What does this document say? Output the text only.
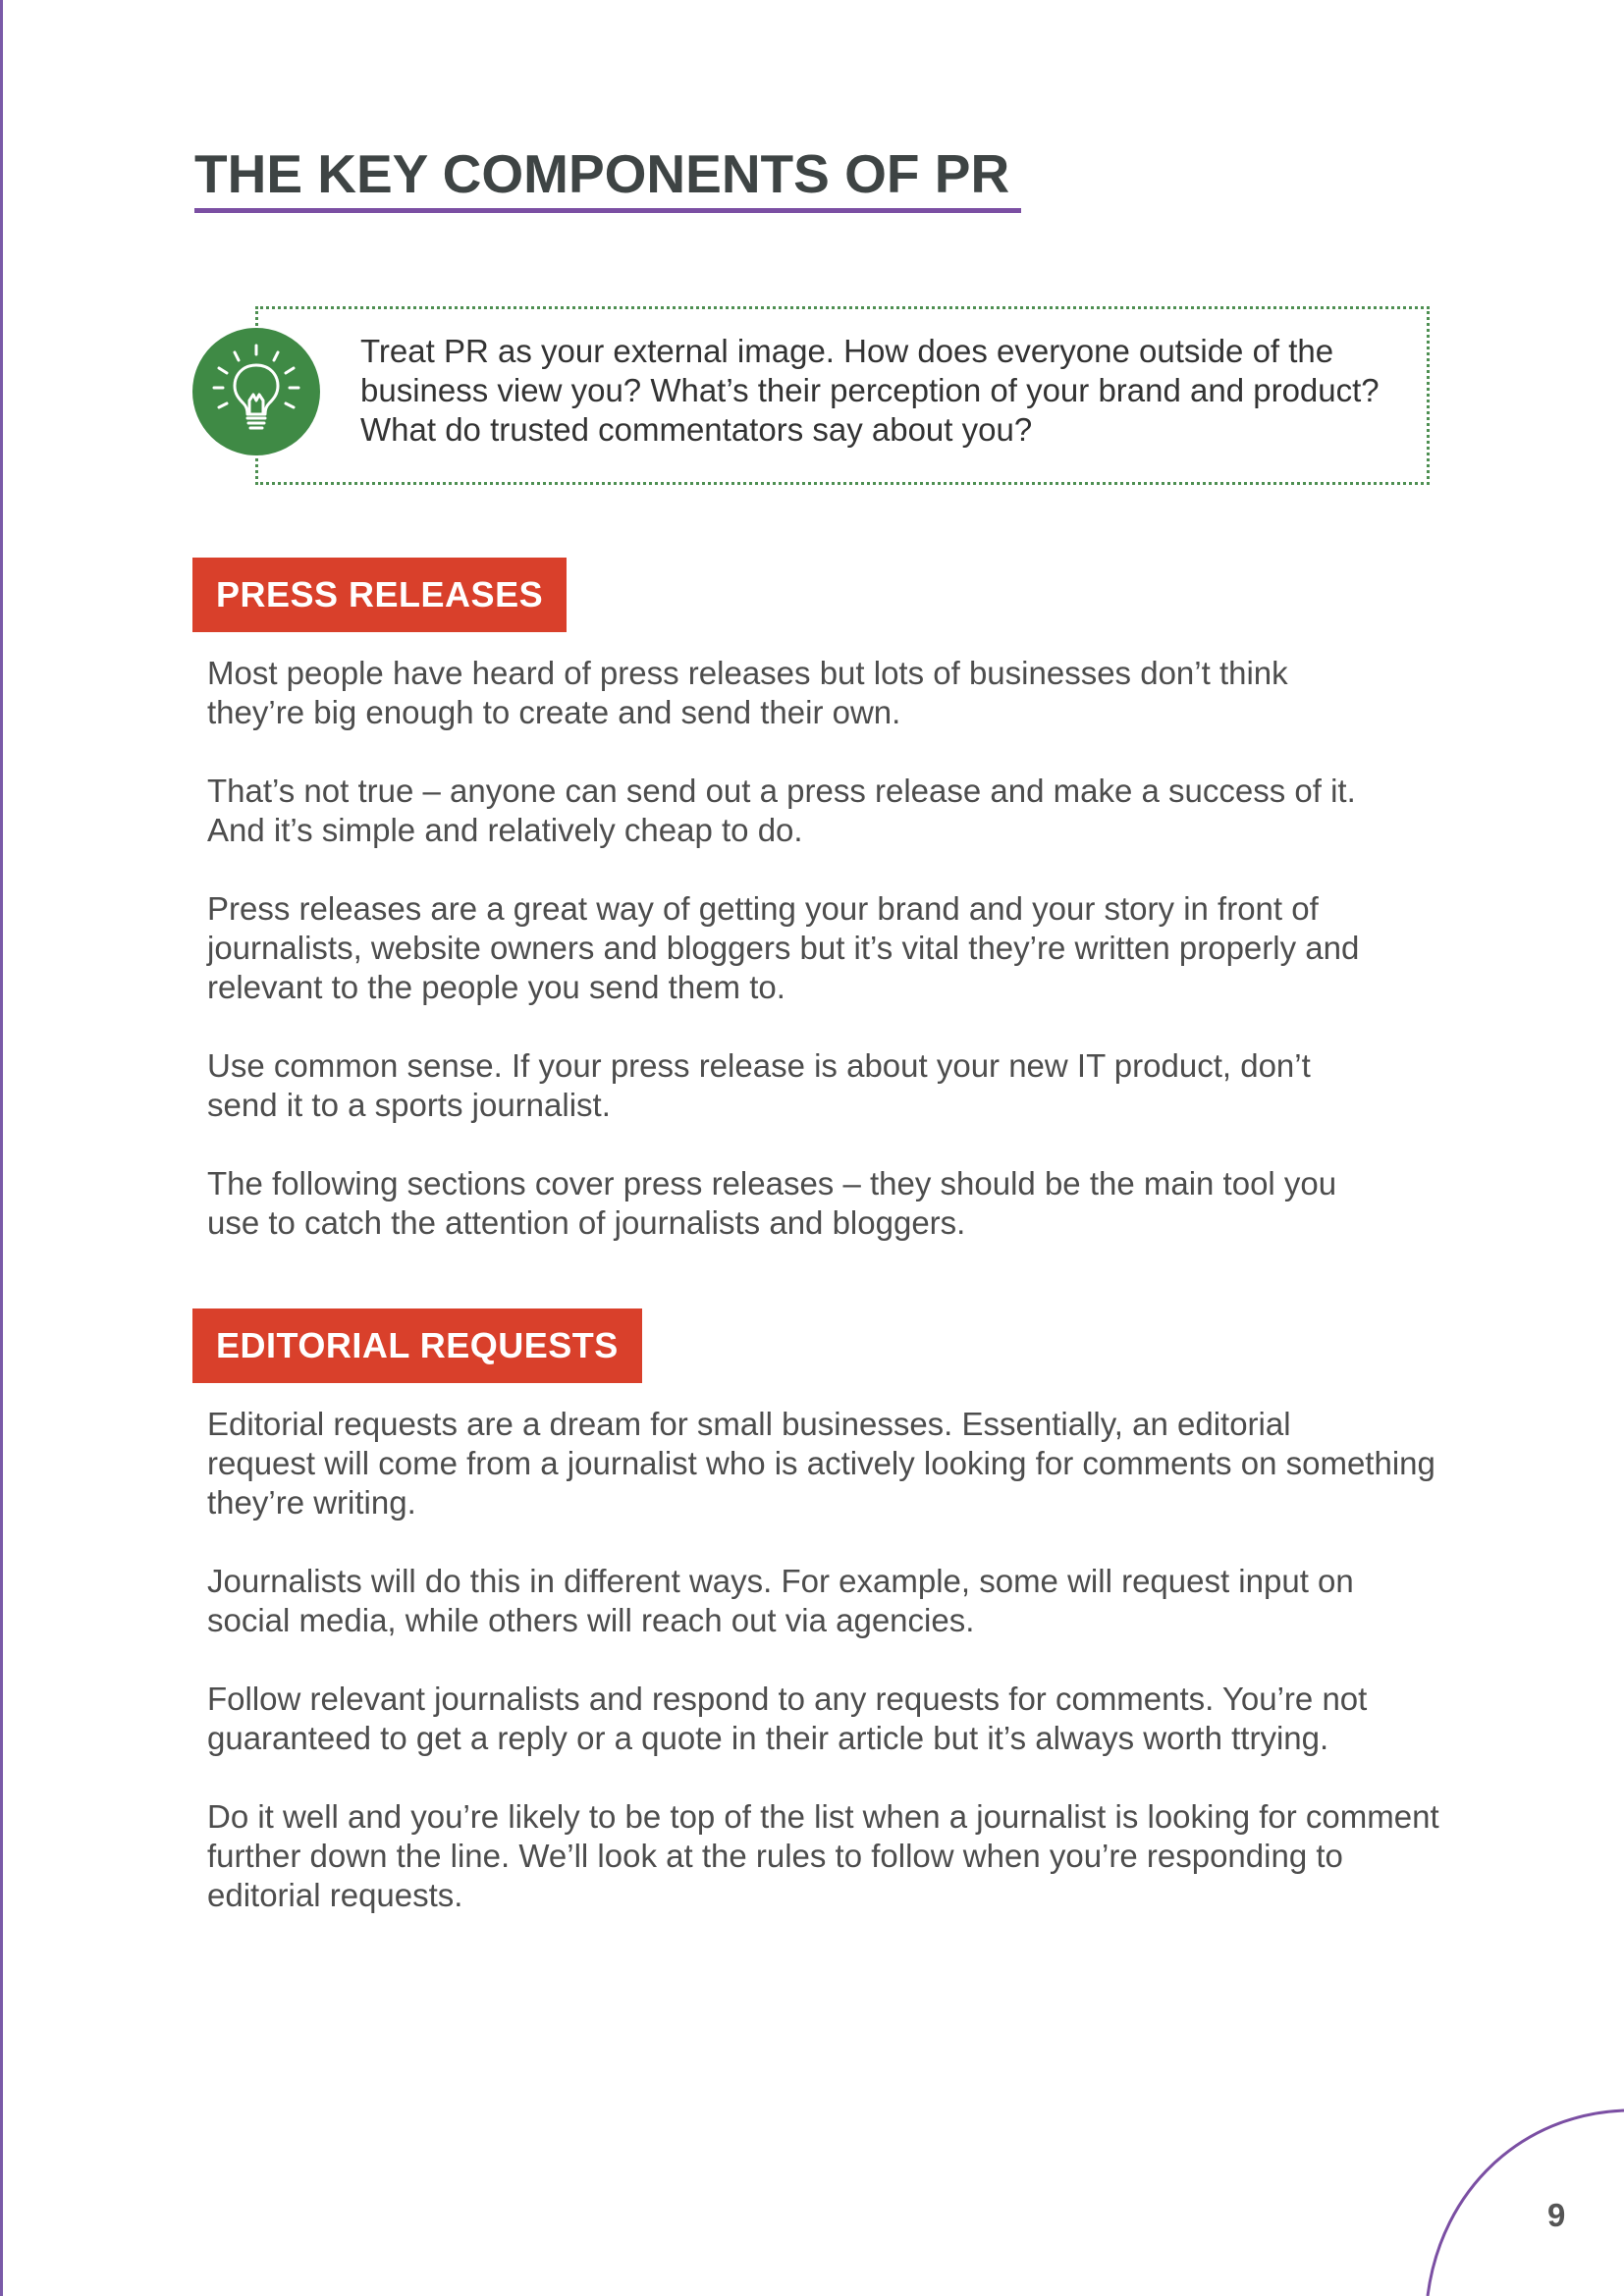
THE KEY COMPONENTS OF PR

Treat PR as your external image. How does everyone outside of the
business view you? What’s their perception of your brand and product?
What do trusted commentators say about you?

PRESS RELEASES

Most people have heard of press releases but lots of businesses don’t think
they’re big enough to create and send their own.

That’s not true – anyone can send out a press release and make a success of it.
And it’s simple and relatively cheap to do.

Press releases are a great way of getting your brand and your story in front of
journalists, website owners and bloggers but it’s vital they’re written properly and
relevant to the people you send them to.

Use common sense. If your press release is about your new IT product, don’t
send it to a sports journalist.

The following sections cover press releases – they should be the main tool you
use to catch the attention of journalists and bloggers.

EDITORIAL REQUESTS

Editorial requests are a dream for small businesses. Essentially, an editorial
request will come from a journalist who is actively looking for comments on something
they’re writing.

Journalists will do this in different ways. For example, some will request input on
social media, while others will reach out via agencies.

Follow relevant journalists and respond to any requests for comments. You’re not
guaranteed to get a reply or a quote in their article but it’s always worth ttrying.

Do it well and you’re likely to be top of the list when a journalist is looking for comment
further down the line. We’ll look at the rules to follow when you’re responding to
editorial requests.

9
